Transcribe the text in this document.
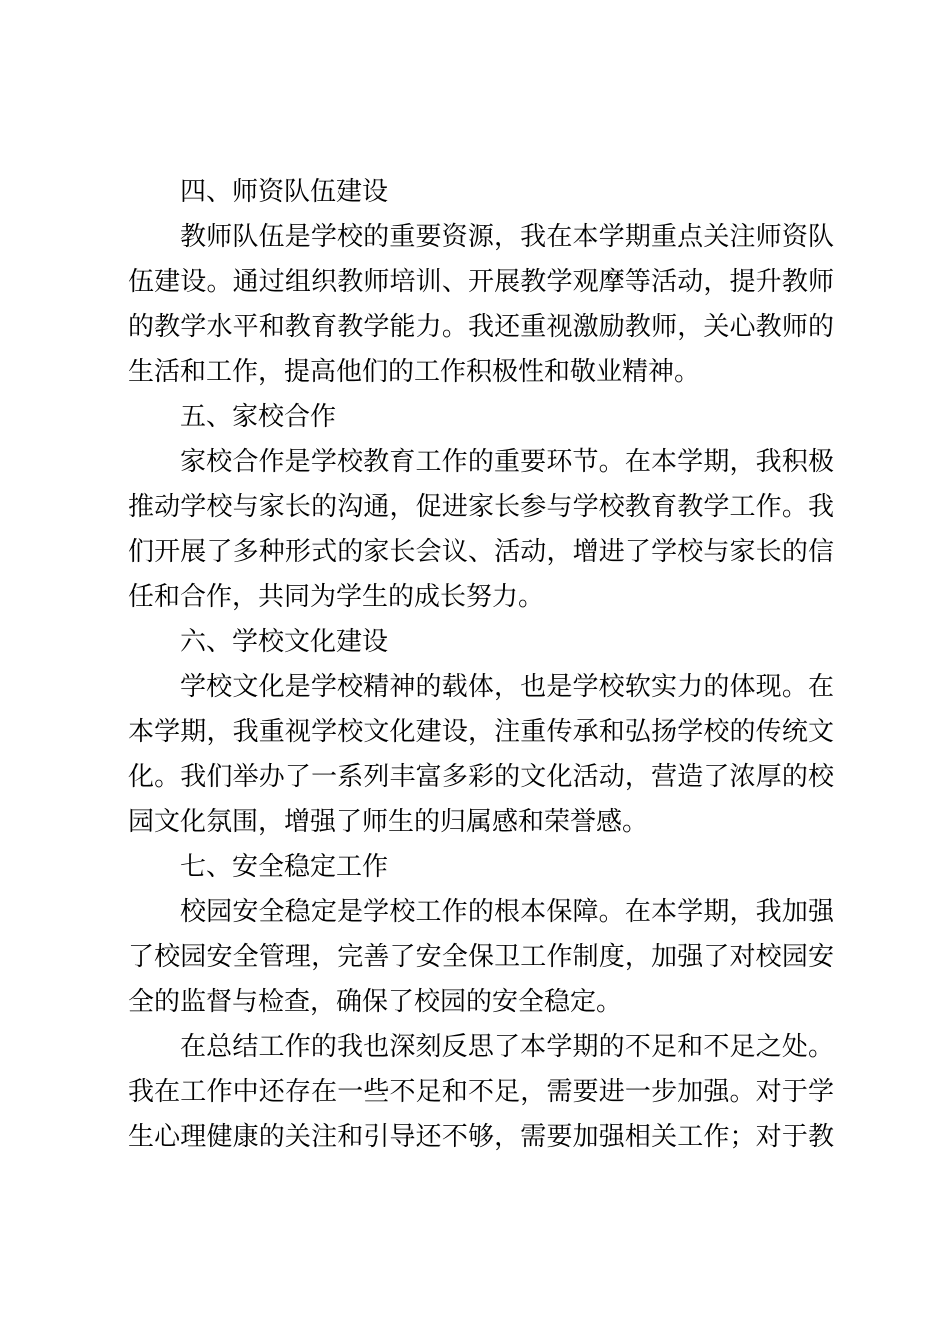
四、师资队伍建设
教师队伍是学校的重要资源，我在本学期重点关注师资队
伍建设。通过组织教师培训、开展教学观摩等活动，提升教师
的教学水平和教育教学能力。我还重视激励教师，关心教师的
生活和工作，提高他们的工作积极性和敬业精神。
五、家校合作
家校合作是学校教育工作的重要环节。在本学期，我积极
推动学校与家长的沟通，促进家长参与学校教育教学工作。我
们开展了多种形式的家长会议、活动，增进了学校与家长的信
任和合作，共同为学生的成长努力。
六、学校文化建设
学校文化是学校精神的载体，也是学校软实力的体现。在
本学期，我重视学校文化建设，注重传承和弘扬学校的传统文
化。我们举办了一系列丰富多彩的文化活动，营造了浓厚的校
园文化氛围，增强了师生的归属感和荣誉感。
七、安全稳定工作
校园安全稳定是学校工作的根本保障。在本学期，我加强
了校园安全管理，完善了安全保卫工作制度，加强了对校园安
全的监督与检查，确保了校园的安全稳定。
在总结工作的我也深刻反思了本学期的不足和不足之处。
我在工作中还存在一些不足和不足，需要进一步加强。对于学
生心理健康的关注和引导还不够，需要加强相关工作；对于教
